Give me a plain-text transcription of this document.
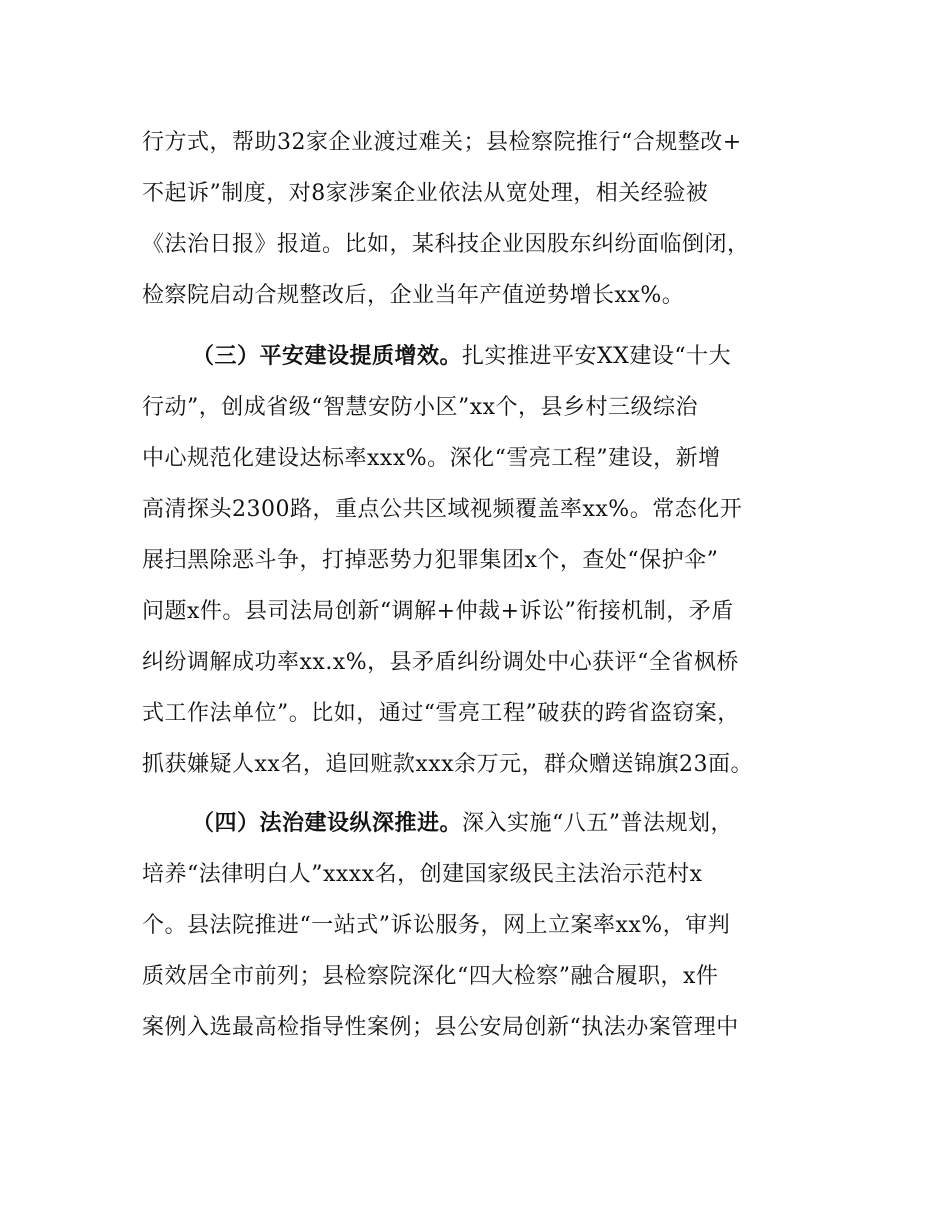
行方式，帮助32家企业渡过难关；县检察院推行“合规整改+
不起诉”制度，对8家涉案企业依法从宽处理，相关经验被
《法治日报》报道。比如，某科技企业因股东纠纷面临倒闭，
检察院启动合规整改后，企业当年产值逆势增长xx%。
（三）平安建设提质增效。扎实推进平安XX建设“十大
行动”，创成省级“智慧安防小区”xx个，县乡村三级综治
中心规范化建设达标率xxx%。深化“雪亮工程”建设，新增
高清探头2300路，重点公共区域视频覆盖率xx%。常态化开
展扫黑除恶斗争，打掉恶势力犯罪集团x个，查处“保护伞”
问题x件。县司法局创新“调解+仲裁+诉讼”衔接机制，矛盾
纠纷调解成功率xx.x%，县矛盾纠纷调处中心获评“全省枫桥
式工作法单位”。比如，通过“雪亮工程”破获的跨省盗窃案，
抓获嫌疑人xx名，追回赃款xxx余万元，群众赠送锦旗23面。
（四）法治建设纵深推进。深入实施“八五”普法规划，
培养“法律明白人”xxxx名，创建国家级民主法治示范村x
个。县法院推进“一站式”诉讼服务，网上立案率xx%，审判
质效居全市前列；县检察院深化“四大检察”融合履职，x件
案例入选最高检指导性案例；县公安局创新“执法办案管理中
